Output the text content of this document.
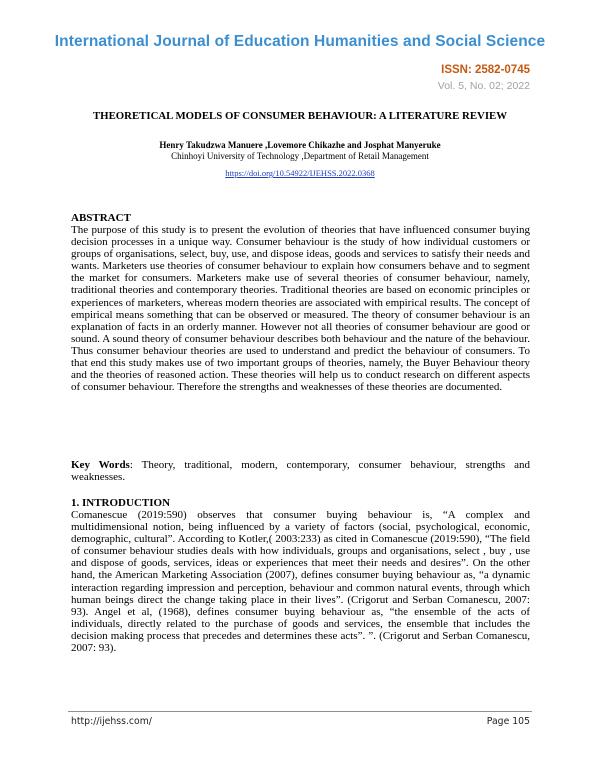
International Journal of Education Humanities and Social Science
ISSN: 2582-0745
Vol. 5, No. 02; 2022
THEORETICAL MODELS OF CONSUMER BEHAVIOUR: A LITERATURE REVIEW
Henry Takudzwa Manuere ,Lovemore Chikazhe and Josphat Manyeruke
Chinhoyi University of Technology ,Department of Retail Management
https://doi.org/10.54922/IJEHSS.2022.0368
ABSTRACT
The purpose of this study is to present the evolution of theories that have influenced consumer buying decision processes in a unique way. Consumer behaviour is the study of how individual customers or groups of organisations, select, buy, use, and dispose ideas, goods and services to satisfy their needs and wants. Marketers use theories of consumer behaviour to explain how consumers behave and to segment the market for consumers. Marketers make use of several theories of consumer behaviour, namely, traditional theories and contemporary theories. Traditional theories are based on economic principles or experiences of marketers, whereas modern theories are associated with empirical results. The concept of empirical means something that can be observed or measured. The theory of consumer behaviour is an explanation of facts in an orderly manner. However not all theories of consumer behaviour are good or sound. A sound theory of consumer behaviour describes both behaviour and the nature of the behaviour. Thus consumer behaviour theories are used to understand and predict the behaviour of consumers. To that end this study makes use of two important groups of theories, namely, the Buyer Behaviour theory and the theories of reasoned action. These theories will help us to conduct research on different aspects of consumer behaviour. Therefore the strengths and weaknesses of these theories are documented.
Key Words: Theory, traditional, modern, contemporary, consumer behaviour, strengths and weaknesses.
1. INTRODUCTION
Comanescue (2019:590) observes that consumer buying behaviour is, “A complex and multidimensional notion, being influenced by a variety of factors (social, psychological, economic, demographic, cultural”. According to Kotler,( 2003:233) as cited in Comanescue (2019:590), “The field of consumer behaviour studies deals with how individuals, groups and organisations, select , buy , use and dispose of goods, services, ideas or experiences that meet their needs and desires”. On the other hand, the American Marketing Association (2007), defines consumer buying behaviour as, “a dynamic interaction regarding impression and perception, behaviour and common natural events, through which human beings direct the change taking place in their lives”. (Crigorut and Serban Comanescu, 2007: 93). Angel et al, (1968), defines consumer buying behaviour as, “the ensemble of the acts of individuals, directly related to the purchase of goods and services, the ensemble that includes the decision making process that precedes and determines these acts”. ”. (Crigorut and Serban Comanescu, 2007: 93).
http://ijehss.com/	Page 105
